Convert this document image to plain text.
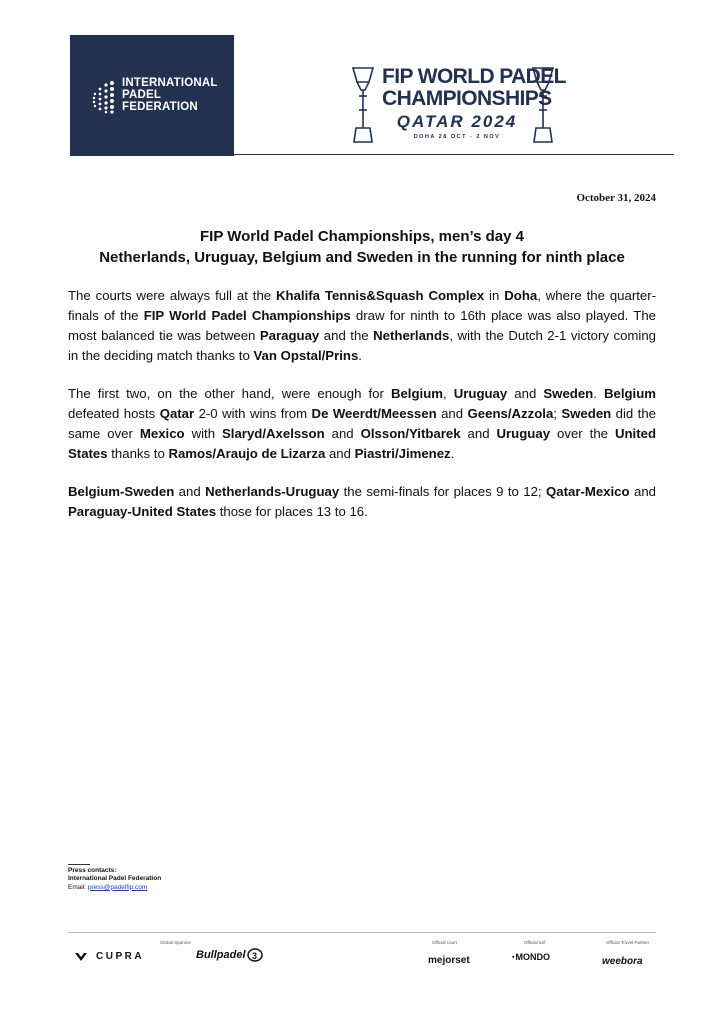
INTERNATIONAL
PADEL
FEDERATION
FIP WORLD PADEL
CHAMPIONSHIPS
QATAR 2024
DOHA 28 OCT - 2 NOV
October 31, 2024
FIP World Padel Championships, men’s day 4
Netherlands, Uruguay, Belgium and Sweden in the running for ninth place

The courts were always full at the Khalifa Tennis&Squash Complex in Doha, where the quarter-finals of the FIP World Padel Championships draw for ninth to 16th place was also played. The most balanced tie was between Paraguay and the Netherlands, with the Dutch 2-1 victory coming in the deciding match thanks to Van Opstal/Prins.

The first two, on the other hand, were enough for Belgium, Uruguay and Sweden. Belgium defeated hosts Qatar 2-0 with wins from De Weerdt/Meessen and Geens/Azzola; Sweden did the same over Mexico with Slaryd/Axelsson and Olsson/Yitbarek and Uruguay over the United States thanks to Ramos/Araujo de Lizarza and Piastri/Jimenez.

Belgium-Sweden and Netherlands-Uruguay the semi-finals for places 9 to 12; Qatar-Mexico and Paraguay-United States those for places 13 to 16.

Press contacts:
International Padel Federation
Email: press@padelfip.com
Global Sponsor	Official court	Official turf	Official Travel Partner
CUPRA	Bullpadel 3	mejorset	▪ MONDO	weebora
